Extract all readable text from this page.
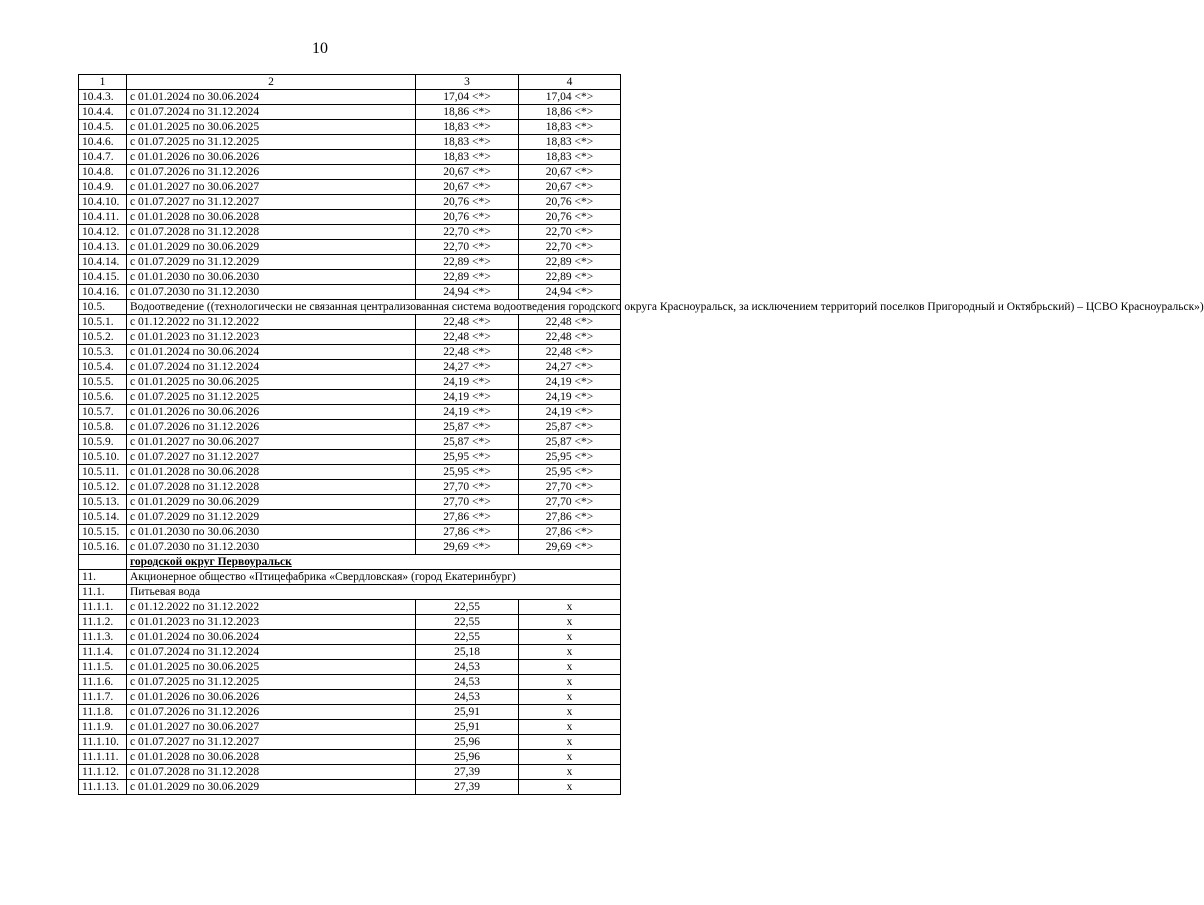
10
1	2	3	4
10.4.3.	с 01.01.2024 по 30.06.2024	17,04 <*>	17,04 <*>
10.4.4.	с 01.07.2024 по 31.12.2024	18,86 <*>	18,86 <*>
10.4.5.	с 01.01.2025 по 30.06.2025	18,83 <*>	18,83 <*>
10.4.6.	с 01.07.2025 по 31.12.2025	18,83 <*>	18,83 <*>
10.4.7.	с 01.01.2026 по 30.06.2026	18,83 <*>	18,83 <*>
10.4.8.	с 01.07.2026 по 31.12.2026	20,67 <*>	20,67 <*>
10.4.9.	с 01.01.2027 по 30.06.2027	20,67 <*>	20,67 <*>
10.4.10.	с 01.07.2027 по 31.12.2027	20,76 <*>	20,76 <*>
10.4.11.	с 01.01.2028 по 30.06.2028	20,76 <*>	20,76 <*>
10.4.12.	с 01.07.2028 по 31.12.2028	22,70 <*>	22,70 <*>
10.4.13.	с 01.01.2029 по 30.06.2029	22,70 <*>	22,70 <*>
10.4.14.	с 01.07.2029 по 31.12.2029	22,89 <*>	22,89 <*>
10.4.15.	с 01.01.2030 по 30.06.2030	22,89 <*>	22,89 <*>
10.4.16.	с 01.07.2030 по 31.12.2030	24,94 <*>	24,94 <*>
10.5.	Водоотведение ((технологически не связанная централизованная система водоотведения городского округа Красноуральск, за исключением территорий поселков Пригородный и Октябрьский) – ЦСВО Красноуральск»)		
10.5.1.	с 01.12.2022 по 31.12.2022	22,48 <*>	22,48 <*>
10.5.2.	с 01.01.2023 по 31.12.2023	22,48 <*>	22,48 <*>
10.5.3.	с 01.01.2024 по 30.06.2024	22,48 <*>	22,48 <*>
10.5.4.	с 01.07.2024 по 31.12.2024	24,27 <*>	24,27 <*>
10.5.5.	с 01.01.2025 по 30.06.2025	24,19 <*>	24,19 <*>
10.5.6.	с 01.07.2025 по 31.12.2025	24,19 <*>	24,19 <*>
10.5.7.	с 01.01.2026 по 30.06.2026	24,19 <*>	24,19 <*>
10.5.8.	с 01.07.2026 по 31.12.2026	25,87 <*>	25,87 <*>
10.5.9.	с 01.01.2027 по 30.06.2027	25,87 <*>	25,87 <*>
10.5.10.	с 01.07.2027 по 31.12.2027	25,95 <*>	25,95 <*>
10.5.11.	с 01.01.2028 по 30.06.2028	25,95 <*>	25,95 <*>
10.5.12.	с 01.07.2028 по 31.12.2028	27,70 <*>	27,70 <*>
10.5.13.	с 01.01.2029 по 30.06.2029	27,70 <*>	27,70 <*>
10.5.14.	с 01.07.2029 по 31.12.2029	27,86 <*>	27,86 <*>
10.5.15.	с 01.01.2030 по 30.06.2030	27,86 <*>	27,86 <*>
10.5.16.	с 01.07.2030 по 31.12.2030	29,69 <*>	29,69 <*>
	городской округ Первоуральск		
11.	Акционерное общество «Птицефабрика «Свердловская» (город Екатеринбург)		
11.1.	Питьевая вода		
11.1.1.	с 01.12.2022 по 31.12.2022	22,55	x
11.1.2.	с 01.01.2023 по 31.12.2023	22,55	x
11.1.3.	с 01.01.2024 по 30.06.2024	22,55	x
11.1.4.	с 01.07.2024 по 31.12.2024	25,18	x
11.1.5.	с 01.01.2025 по 30.06.2025	24,53	x
11.1.6.	с 01.07.2025 по 31.12.2025	24,53	x
11.1.7.	с 01.01.2026 по 30.06.2026	24,53	x
11.1.8.	с 01.07.2026 по 31.12.2026	25,91	x
11.1.9.	с 01.01.2027 по 30.06.2027	25,91	x
11.1.10.	с 01.07.2027 по 31.12.2027	25,96	x
11.1.11.	с 01.01.2028 по 30.06.2028	25,96	x
11.1.12.	с 01.07.2028 по 31.12.2028	27,39	x
11.1.13.	с 01.01.2029 по 30.06.2029	27,39	x
